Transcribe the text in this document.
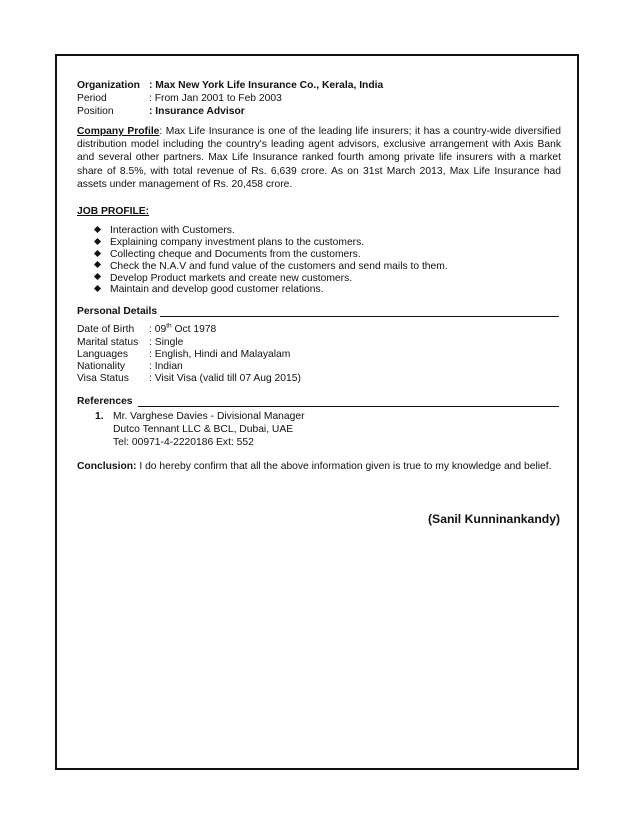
Organization : Max New York Life Insurance Co., Kerala, India
Period	: From Jan 2001 to Feb 2003
Position	: Insurance Advisor
Company Profile: Max Life Insurance is one of the leading life insurers; it has a country-wide diversified distribution model including the country's leading agent advisors, exclusive arrangement with Axis Bank and several other partners. Max Life Insurance ranked fourth among private life insurers with a market share of 8.5%, with total revenue of Rs. 6,639 crore. As on 31st March 2013, Max Life Insurance had assets under management of Rs. 20,458 crore.
JOB PROFILE:
Interaction with Customers.
Explaining company investment plans to the customers.
Collecting cheque and Documents from the customers.
Check the N.A.V and fund value of the customers and send mails to them.
Develop Product markets and create new customers.
Maintain and develop good customer relations.
Personal Details
Date of Birth : 09th Oct 1978
Marital status : Single
Languages : English, Hindi and Malayalam
Nationality : Indian
Visa Status : Visit Visa (valid till 07 Aug 2015)
References
1. Mr. Varghese Davies - Divisional Manager
Dutco Tennant LLC & BCL, Dubai, UAE
Tel: 00971-4-2220186 Ext: 552
Conclusion: I do hereby confirm that all the above information given is true to my knowledge and belief.
(Sanil Kunninankandy)
